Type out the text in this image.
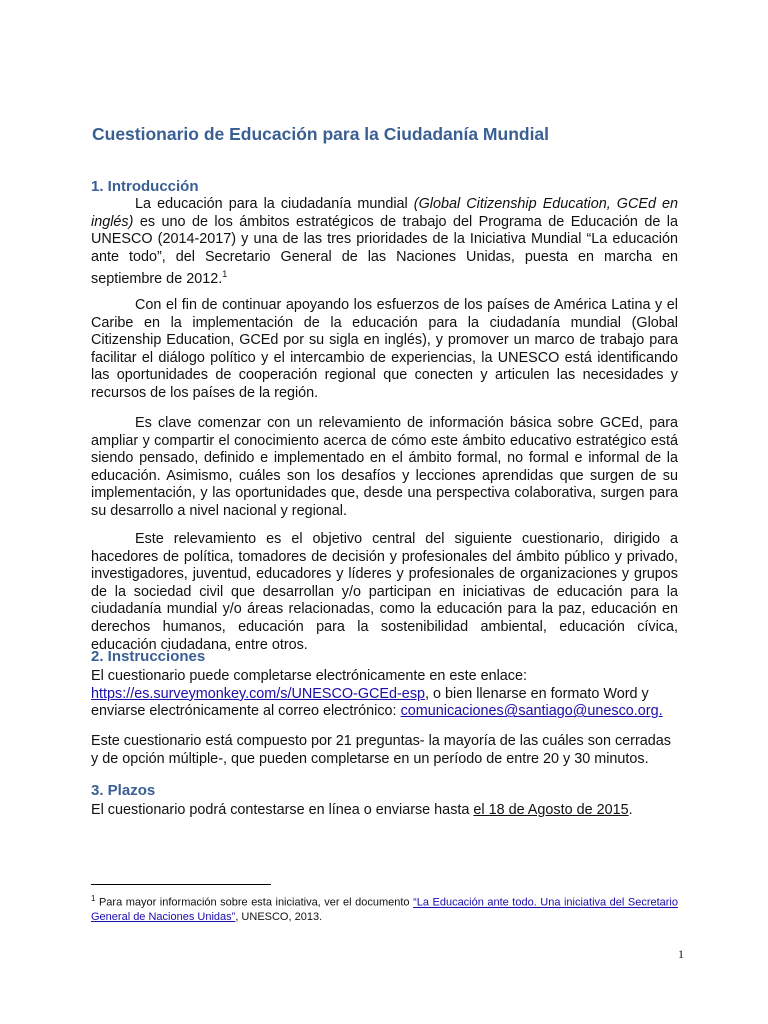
Cuestionario de Educación para la Ciudadanía Mundial
1. Introducción

La educación para la ciudadanía mundial (Global Citizenship Education, GCEd en inglés) es uno de los ámbitos estratégicos de trabajo del Programa de Educación de la UNESCO (2014-2017) y una de las tres prioridades de la Iniciativa Mundial “La educación ante todo”, del Secretario General de las Naciones Unidas, puesta en marcha en septiembre de 2012.$^1$

Con el fin de continuar apoyando los esfuerzos de los países de América Latina y el Caribe en la implementación de la educación para la ciudadanía mundial (Global Citizenship Education, GCEd por su sigla en inglés), y promover un marco de trabajo para facilitar el diálogo político y el intercambio de experiencias, la UNESCO está identificando las oportunidades de cooperación regional que conecten y articulen las necesidades y recursos de los países de la región.

Es clave comenzar con un relevamiento de información básica sobre GCEd, para ampliar y compartir el conocimiento acerca de cómo este ámbito educativo estratégico está siendo pensado, definido e implementado en el ámbito formal, no formal e informal de la educación. Asimismo, cuáles son los desafíos y lecciones aprendidas que surgen de su implementación, y las oportunidades que, desde una perspectiva colaborativa, surgen para su desarrollo a nivel nacional y regional.

Este relevamiento es el objetivo central del siguiente cuestionario, dirigido a hacedores de política, tomadores de decisión y profesionales del ámbito público y privado, investigadores, juventud, educadores y líderes y profesionales de organizaciones y grupos de la sociedad civil que desarrollan y/o participan en iniciativas de educación para la ciudadanía mundial y/o áreas relacionadas, como la educación para la paz, educación en derechos humanos, educación para la sostenibilidad ambiental, educación cívica, educación ciudadana, entre otros.

2. Instrucciones

El cuestionario puede completarse electrónicamente en este enlace:
https://es.surveymonkey.com/s/UNESCO-GCEd-esp, o bien llenarse en formato Word y
enviarse electrónicamente al correo electrónico: comunicaciones@santiago@unesco.org.

Este cuestionario está compuesto por 21 preguntas- la mayoría de las cuáles son cerradas y de opción múltiple-, que pueden completarse en un período de entre 20 y 30 minutos.

3. Plazos

El cuestionario podrá contestarse en línea o enviarse hasta el 18 de Agosto de 2015.

$^1$ Para mayor información sobre esta iniciativa, ver el documento “La Educación ante todo. Una iniciativa del Secretario General de Naciones Unidas”, UNESCO, 2013.

1
